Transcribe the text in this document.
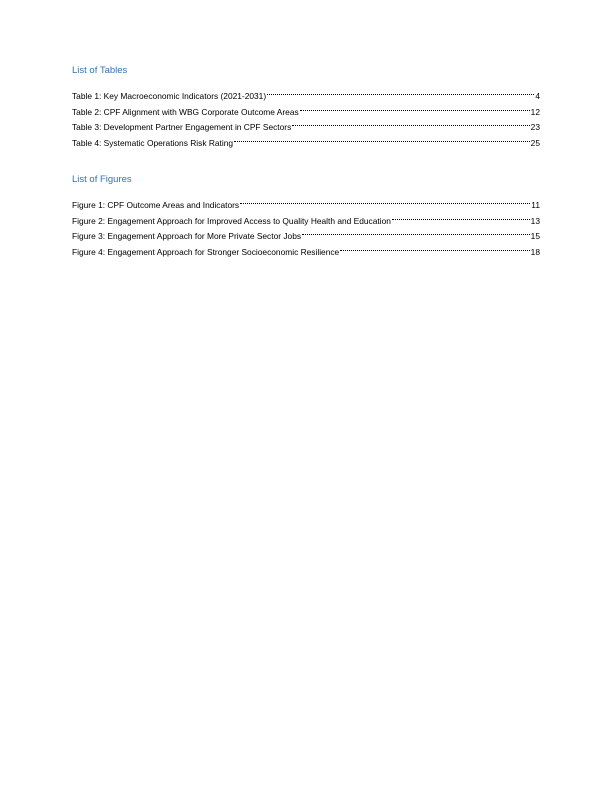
List of Tables
Table 1: Key Macroeconomic Indicators (2021-2031)	4
Table 2: CPF Alignment with WBG Corporate Outcome Areas	12
Table 3: Development Partner Engagement in CPF Sectors	23
Table 4: Systematic Operations Risk Rating	25
List of Figures
Figure 1: CPF Outcome Areas and Indicators	11
Figure 2: Engagement Approach for Improved Access to Quality Health and Education	13
Figure 3: Engagement Approach for More Private Sector Jobs	15
Figure 4: Engagement Approach for Stronger Socioeconomic Resilience	18
